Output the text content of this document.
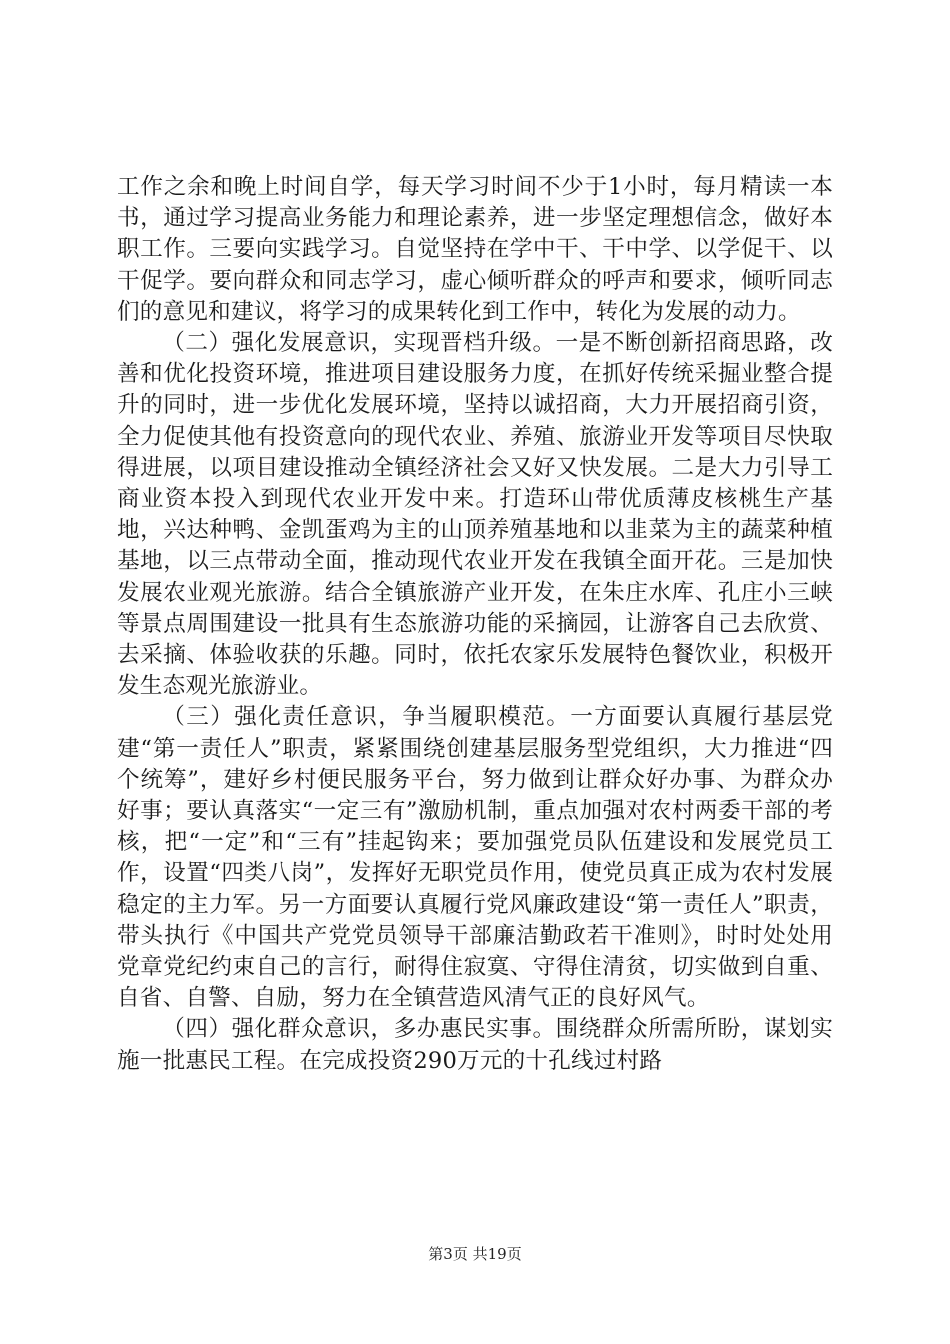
工作之余和晚上时间自学，每天学习时间不少于1小时，每月精读一本书，通过学习提高业务能力和理论素养，进一步坚定理想信念，做好本职工作。三要向实践学习。自觉坚持在学中干、干中学、以学促干、以干促学。要向群众和同志学习，虚心倾听群众的呼声和要求，倾听同志们的意见和建议，将学习的成果转化到工作中，转化为发展的动力。

（二）强化发展意识，实现晋档升级。一是不断创新招商思路，改善和优化投资环境，推进项目建设服务力度，在抓好传统采掘业整合提升的同时，进一步优化发展环境，坚持以诚招商，大力开展招商引资，全力促使其他有投资意向的现代农业、养殖、旅游业开发等项目尽快取得进展，以项目建设推动全镇经济社会又好又快发展。二是大力引导工商业资本投入到现代农业开发中来。打造环山带优质薄皮核桃生产基地，兴达种鸭、金凯蛋鸡为主的山顶养殖基地和以韭菜为主的蔬菜种植基地，以三点带动全面，推动现代农业开发在我镇全面开花。三是加快发展农业观光旅游。结合全镇旅游产业开发，在朱庄水库、孔庄小三峡等景点周围建设一批具有生态旅游功能的采摘园，让游客自己去欣赏、去采摘、体验收获的乐趣。同时，依托农家乐发展特色餐饮业，积极开发生态观光旅游业。

（三）强化责任意识，争当履职模范。一方面要认真履行基层党建“第一责任人”职责，紧紧围绕创建基层服务型党组织，大力推进“四个统筹”，建好乡村便民服务平台，努力做到让群众好办事、为群众办好事；要认真落实“一定三有”激励机制，重点加强对农村两委干部的考核，把“一定”和“三有”挂起钩来；要加强党员队伍建设和发展党员工作，设置“四类八岗”，发挥好无职党员作用，使党员真正成为农村发展稳定的主力军。另一方面要认真履行党风廉政建设“第一责任人”职责，带头执行《中国共产党党员领导干部廉洁勤政若干准则》，时时处处用党章党纪约束自己的言行，耐得住寂寞、守得住清贫，切实做到自重、自省、自警、自励，努力在全镇营造风清气正的良好风气。

（四）强化群众意识，多办惠民实事。围绕群众所需所盼，谋划实施一批惠民工程。在完成投资290万元的十孔线过村路

第3页 共19页
